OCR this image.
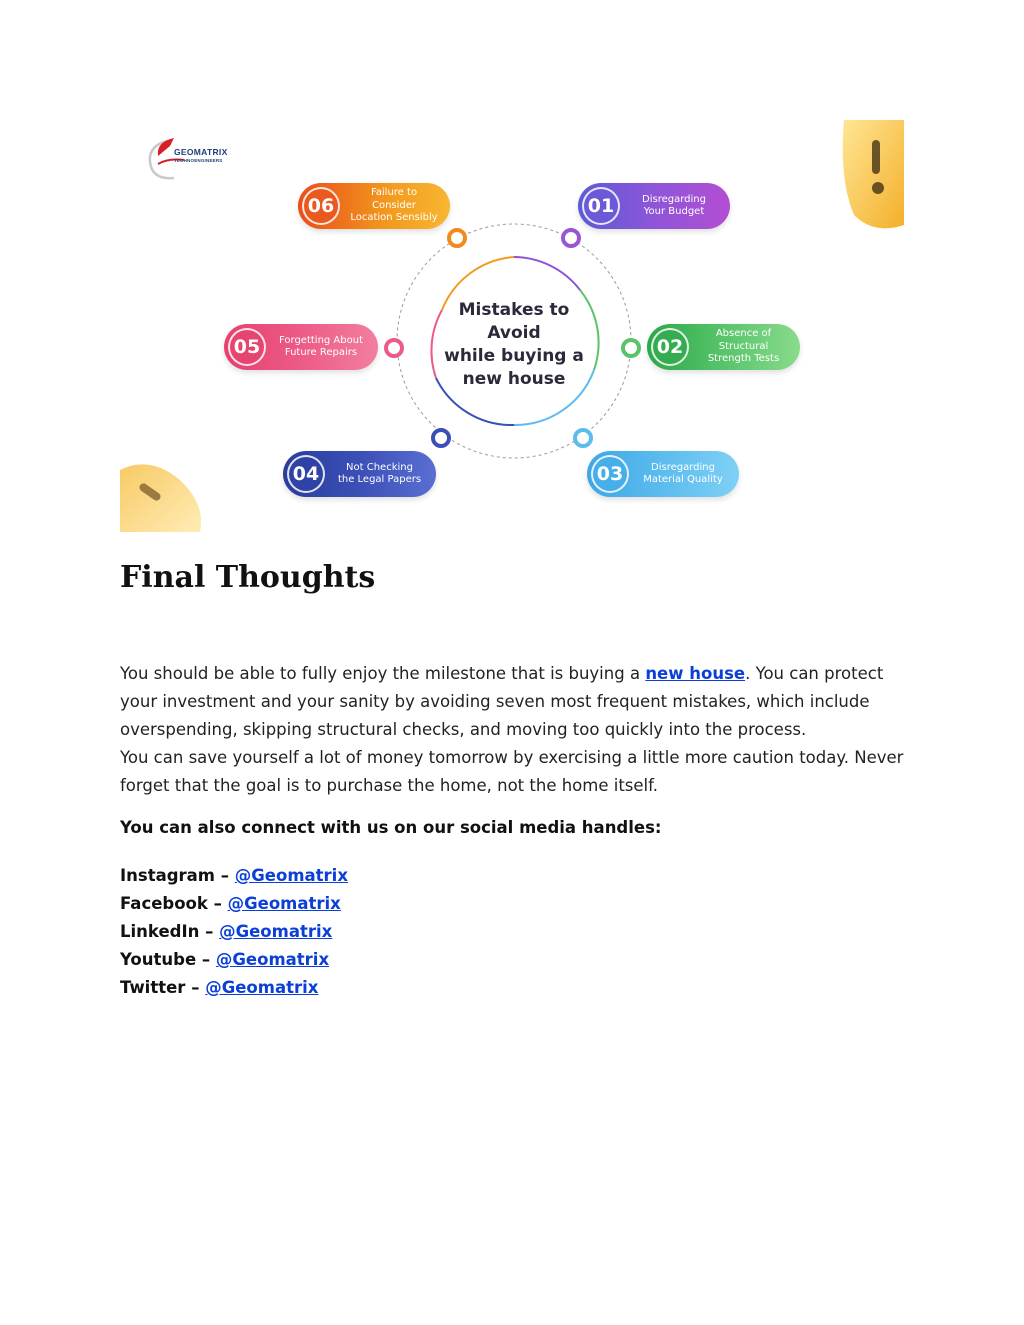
GEOMATRIX
TECHNOENGINEERS
Mistakes to
Avoid
while buying a
new house
06
Failure to
Consider
Location Sensibly
01	Disregarding
Your Budget
05	Forgetting About
Future Repairs	02
Absence of
Structural
Strength Tests
04	Not Checking
the Legal Papers	03	Disregarding
Material Quality
Final Thoughts

You should be able to fully enjoy the milestone that is buying a new house. You can protect your investment and your sanity by avoiding seven most frequent mistakes, which include overspending, skipping structural checks, and moving too quickly into the process.

You can save yourself a lot of money tomorrow by exercising a little more caution today. Never forget that the goal is to purchase the home, not the home itself.

You can also connect with us on our social media handles:

Instagram – @Geomatrix
Facebook – @Geomatrix
LinkedIn – @Geomatrix
Youtube – @Geomatrix
Twitter – @Geomatrix
